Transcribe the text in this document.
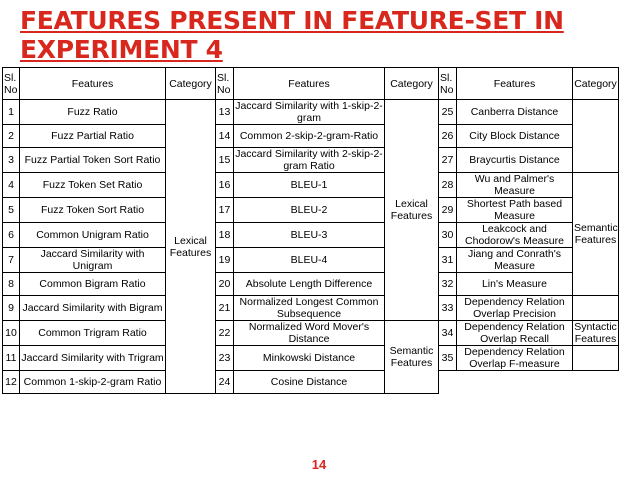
FEATURES PRESENT IN FEATURE-SET IN
EXPERIMENT 4
Sl. No	Features	Category	Sl. No	Features	Category	Sl. No	Features	Category	
1	Fuzz Ratio	Lexical Features	13	Jaccard Similarity with 1-skip-2-gram	Lexical Features	25	Canberra Distance		
2	Fuzz Partial Ratio		14	Common 2-skip-2-gram-Ratio		26	City Block Distance		
3	Fuzz Partial Token Sort Ratio		15	Jaccard Similarity with 2-skip-2-gram Ratio		27	Braycurtis Distance		
4	Fuzz Token Set Ratio		16	BLEU-1		28	Wu and Palmer's Measure	Semantic Features	
5	Fuzz Token Sort Ratio		17	BLEU-2		29	Shortest Path based Measure		
6	Common Unigram Ratio		18	BLEU-3		30	Leakcock and Chodorow's Measure		
7	Jaccard Similarity with Unigram		19	BLEU-4		31	Jiang and Conrath's Measure		
8	Common Bigram Ratio		20	Absolute Length Difference		32	Lin's Measure		
9	Jaccard Similarity with Bigram		21	Normalized Longest Common Subsequence		33	Dependency Relation Overlap Precision		
10	Common Trigram Ratio		22	Normalized Word Mover's Distance	Semantic Features	34	Dependency Relation Overlap Recall	Syntactic Features	
11	Jaccard Similarity with Trigram		23	Minkowski Distance		35	Dependency Relation Overlap F-measure		
12	Common 1-skip-2-gram Ratio		24	Cosine Distance					
14
